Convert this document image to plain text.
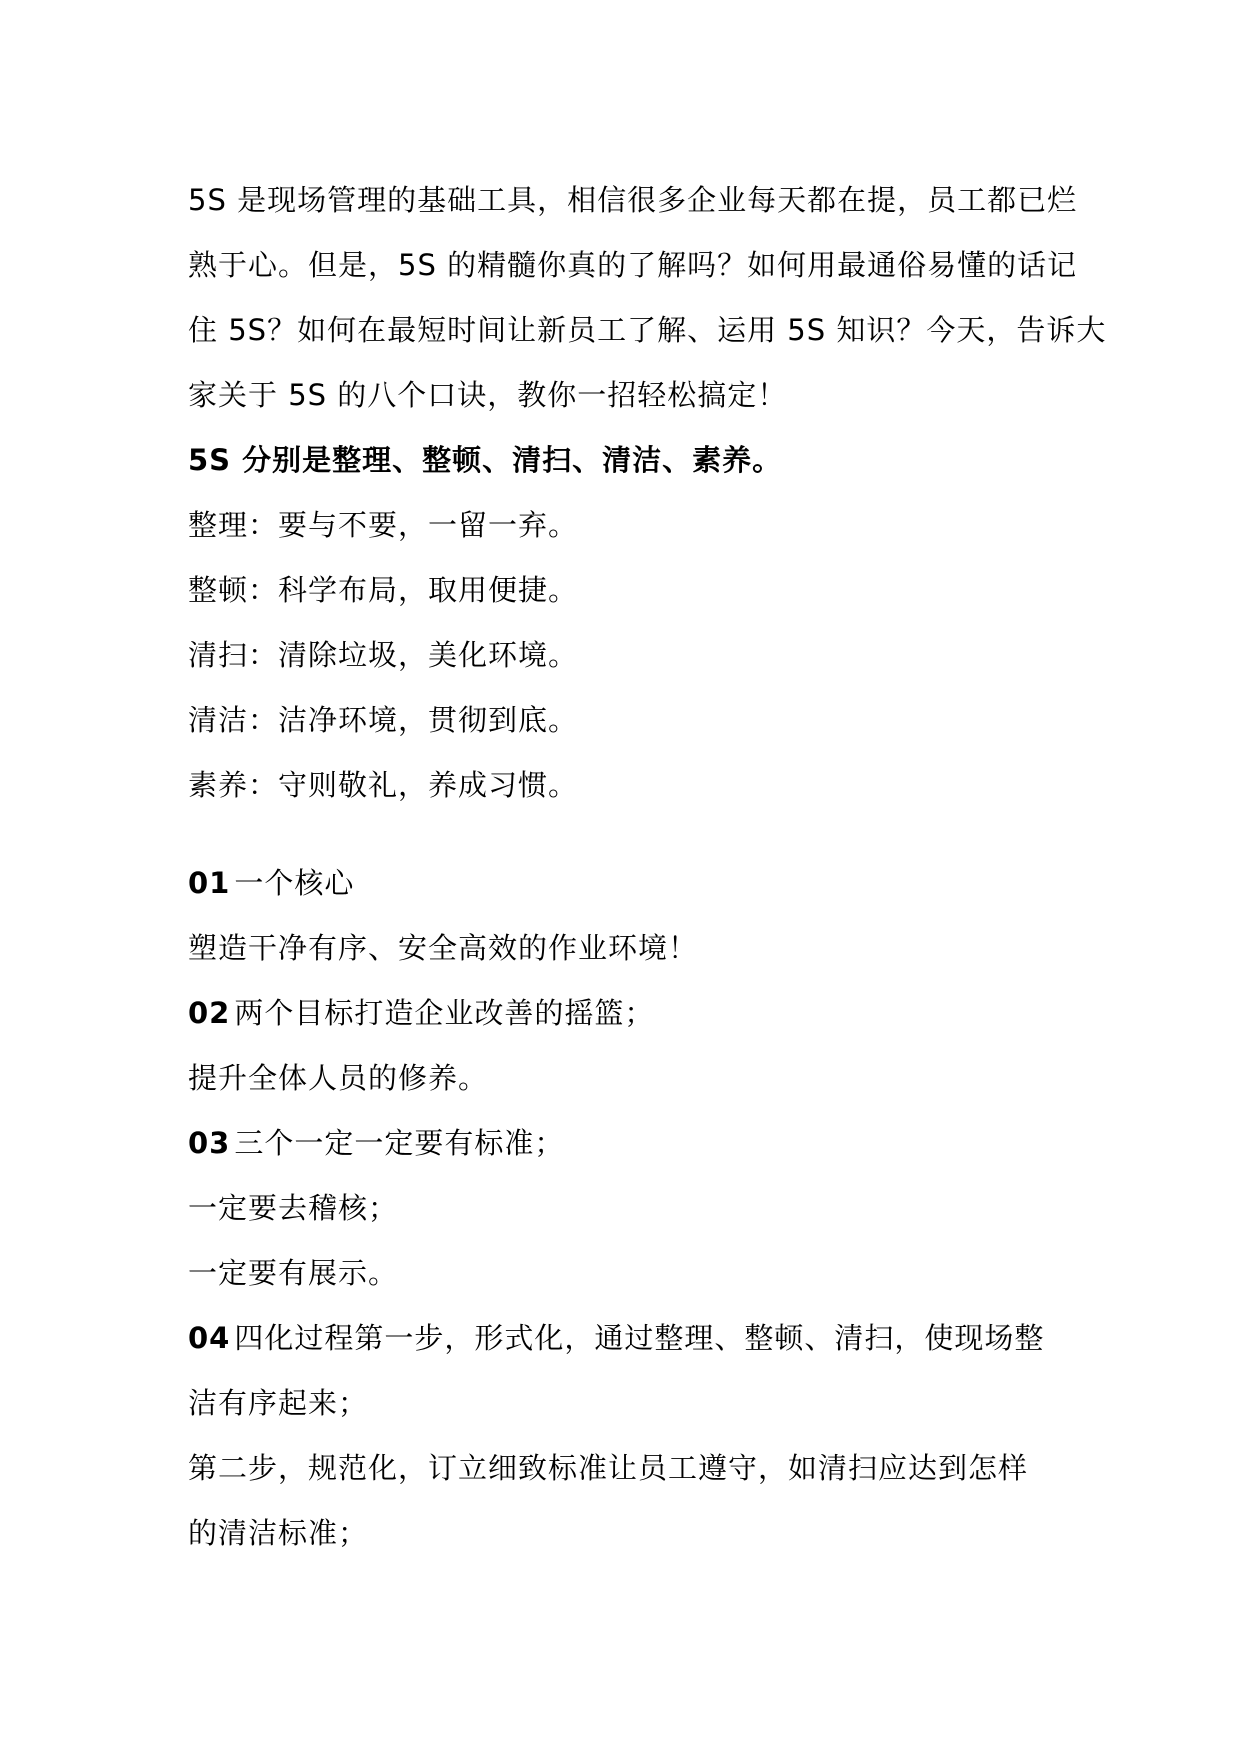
5S 是现场管理的基础工具，相信很多企业每天都在提，员工都已烂
熟于心。但是，5S 的精髓你真的了解吗？如何用最通俗易懂的话记
住 5S？如何在最短时间让新员工了解、运用 5S 知识？今天，告诉大
家关于 5S 的八个口诀，教你一招轻松搞定！
5S 分别是整理、整顿、清扫、清洁、素养。
整理：要与不要，一留一弃。
整顿：科学布局，取用便捷。
清扫：清除垃圾，美化环境。
清洁：洁净环境，贯彻到底。
素养：守则敬礼，养成习惯。
01 一个核心
塑造干净有序、安全高效的作业环境！
02 两个目标打造企业改善的摇篮；
提升全体人员的修养。
03 三个一定一定要有标准；
一定要去稽核；
一定要有展示。
04 四化过程第一步，形式化，通过整理、整顿、清扫，使现场整
洁有序起来；
第二步，规范化，订立细致标准让员工遵守，如清扫应达到怎样
的清洁标准；
